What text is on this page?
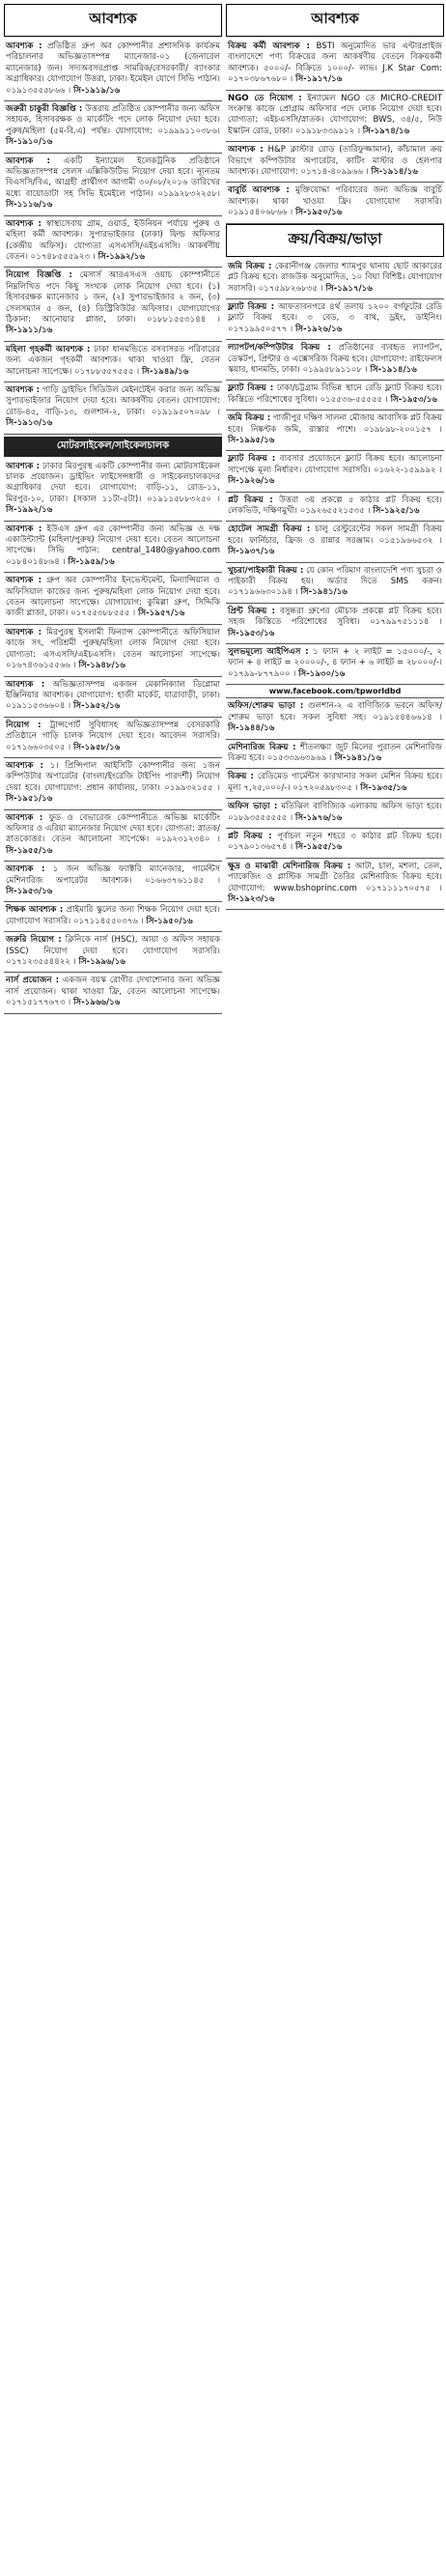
আবশ্যক
আবশ্যক : প্রতিষ্ঠিত গ্রুপ অব কোম্পানীর প্রশাসনিক কার্যক্রম পরিচালনার অভিজ্ঞতাসম্পন্ন ম্যানেজার-০১ (জেনারেল ম্যানেজার) জন। সদ্যঅবসরপ্রাপ্ত সামরিক/বেসরকারী/ ব্যাংকার অগ্রাধিকার। যোগাযোগ উত্তরা, ঢাকা। ইমেইল যোগে সিভি পাঠান। ০১৯১৩৫৫৫৮৬৬ । সি-১৯১৯/১৬
জরুরী চাকুরী বিজ্ঞপ্তি : উত্তরায় প্রতিষ্ঠিত কোম্পানীর জন্য অফিস সহায়ক, হিসাবরক্ষক ও মার্কেটিং পদে লোক নিয়োগ দেয়া হবে। পুরুষ/মহিলা (৫ম-বি.এ) পর্যন্ত। যোগাযোগ: ০১৯৯৯১১০৩৮৬। সি-১৯১০/১৬
আবশ্যক : একটি ইন্যামেল ইলেকট্রনিক প্রতিষ্ঠানে অভিজ্ঞতাসম্পন্ন সেলস এক্সিকিউটিভ নিয়োগ দেয়া হবে। ন্যূনতম বিএসসি/বিএ, আগ্রহী প্রার্থীগণ আগামী ৩০/০৮/২০১৬ তারিখের মধ্যে বায়োডাটা সহ সিভি ইমেইলে পাঠান। ০১৯৯২৮৩২২৫৮। সি-১১১৬/১৬
আবশ্যক : স্বাস্থ্যসেবায় গ্রাম, ওয়ার্ড, ইউনিয়ন পর্যায়ে পুরুষ ও মহিলা কর্মী আবশ্যক। সুপারভাইজার (ঢাকা) ফিল্ড অফিসার (কেন্দ্রীয় অফিস)। যোগ্যতা এসএসসি/এইচএসসি। আকর্ষণীয় বেতন। ০১৭৪৮৫৫৫৯২৩ । সি-১৯৯২/১৬
নিয়োগ বিজ্ঞপ্তি : মেসার্স আরএসএস ওয়াচ কোম্পানীতে নিম্নলিখিত পদে কিছু সংখ্যক লোক নিয়োগ দেয়া হবে। (১) হিসাবরক্ষক ম্যানেজার ১ জন, (২) সুপারভাইজার ২ জন, (৩) সেলসম্যান ৫ জন, (৪) ডিস্ট্রিবিউটর অফিসার। যোগাযোগের ঠিকানা: আনোয়ার প্লাজা, ঢাকা। ০১৮৮১৫৫৩১৪৪ । সি-১৯১১/১৬
মহিলা গৃহকর্মী আবশ্যক : ঢাকা ধানমন্ডিতে বসবাসরত পরিবারের জন্য একজন গৃহকর্মী আবশ্যক। থাকা খাওয়া ফ্রি, বেতন আলোচনা সাপেক্ষে। ০১৭৮৮৫৫৭৫৫৫ । সি-১৯৪৯/১৬
আবশ্যক : গাড়ি ড্রাইভিং সিডিউল মেইনটেইন করার জন্য অভিজ্ঞ সুপারভাইজার নিয়োগ দেয়া হবে। আকর্ষণীয় বেতন। যোগাযোগ: রোড-৪৫, বাড়ি-১৩, গুলশান-২, ঢাকা। ০১৯১৯৫০৭০৯৮ । সি-১৯১৩/১৬
মোটরসাইকেল/সাইকেলচালক
আবশ্যক : ঢাকার মিরপুরস্থ একটি কোম্পানীর জন্য মোটরসাইকেল চালক প্রয়োজন। ড্রাইভিং লাইসেন্সধারী ও সাইকেলচালকদের অগ্রাধিকার দেয়া হবে। যোগাযোগ: বাড়ি-১১, রোড-১১, মিরপুর-১০, ঢাকা। (সকাল ১১টা-৫টা)। ০১৯১১৫৮৮৩২৫০ । সি-১৯৯২/১৬
আবশ্যক : ইউএস গ্রুপ এর কোম্পানীর জন্য অভিজ্ঞ ও দক্ষ একাউন্ট্যান্ট (মহিলা/পুরুষ) নিয়োগ দেয়া হবে। বেতন আলোচনা সাপেক্ষে। সিভি পাঠান: central_1480@yahoo.com ০১৮৪০১৪৮৬৪ । সি-১৯৫৯/১৬
আবশ্যক : গ্রুপ অব কোম্পানীর ইনভেস্টমেন্ট, মিন্যান্সিয়াল ও অফিসিয়াল কাজের জন্য পুরুষ/মহিলা লোক নিয়োগ দেয়া হবে। বেতন আলোচনা সাপেক্ষে। যোগাযোগ: কুমিল্লা গ্রুপ, সিদ্দিকি কাজী প্লাজা, ঢাকা। ০১৭৫৫৩৮৮৫৫৫ । সি-১৯৫৭/১৬
আবশ্যক : মিরপুরস্থ ইসলামী ফিন্যান্স কোম্পানীতে অফিসিয়াল কাজে সৎ, পরিশ্রমী পুরুষ/মহিলা লোক নিয়োগ দেয়া হবে। যোগ্যতা: এসএসসি/এইচএসসি। বেতন আলোচনা সাপেক্ষে। ০১৬৭৪৩৬১৫৫৬৬ । সি-১৯৪৮/১৬
আবশ্যক : অভিজ্ঞতাসম্পন্ন একজন মেকানিক্যাল ডিপ্লোমা ইঞ্জিনিয়ার আবশ্যক। যোগাযোগ: হাজী মার্কেট, যাত্রাবাড়ী, ঢাকা। ০১৯১১৫৩৬৬০৪ । সি-১৯৫২/১৬
নিয়োগ : ট্রান্সপোর্ট সুবিধাসহ অভিজ্ঞতাসম্পন্ন বেসরকারি প্রতিষ্ঠানে গাড়ি চালক নিয়োগ দেয়া হবে। আবেদন সরাসরি। ০১৭১৬৬০৩৫০৫ । সি-১৯৫৮/১৬
আবশ্যক : ১। প্রিন্সিপাল আইসিটি কোম্পানীর জন্য ১জন কম্পিউটার অপারেটর (বাংলা/ইংরেজি টাইপিং পারদর্শী) নিয়োগ দেয়া হবে। যোগাযোগ: প্রধান কার্যালয়, ঢাকা। ০১৯৯৩২১৫৫ । সি-১৯৫১/১৬
আবশ্যক : ফুড ও বেভারেজ কোম্পানীতে অভিজ্ঞ মার্কেটিং অফিসার ও এরিয়া ম্যানেজার নিয়োগ দেয়া হবে। যোগ্যতা: স্নাতক/স্নাতকোত্তর। বেতন আলোচনা সাপেক্ষে। ০১৯২৩১২৩৪০ । সি-১৯৫৫/১৬
আবশ্যক : ১ জন অভিজ্ঞ ফ্যাক্টরি ম্যানেজার, গার্মেন্টস মেশিনারিজ অপারেটর আবশ্যক। ০১৬৬৩৭৬১১৪৫ । সি-১৯৫৩/১৬
শিক্ষক আবশ্যক : প্রাইমারি স্কুলের জন্য শিক্ষক নিয়োগ দেয়া হবে। যোগাযোগ সরাসরি। ০১৭১১৪৫৫০৩৭৬ । সি-১৯৫০/১৬
জরুরি নিয়োগ : ক্লিনিকে নার্স (HSC), আয়া ও অফিস সহায়ক (SSC) নিয়োগ দেয়া হবে। যোগাযোগ সরাসরি। ০১৭১২৩৫৫৪৪২২ । সি-১৯৯৬/১৬
নার্স প্রয়োজন : একজন বয়স্ক রোগীর দেখাশোনার জন্য অভিজ্ঞ নার্স প্রয়োজন। থাকা খাওয়া ফ্রি, বেতন আলোচনা সাপেক্ষে। ০১৭১৫১৭৭৬৭৩ । সি-১৯৬৬/১৬
আবশ্যক
বিক্রয় কর্মী আবশ্যক : BSTI অনুমোদিত ভার এন্টারপ্রাইজ বাংলাদেশে পণ্য বিক্রয়ের জন্য আকর্ষণীয় বেতনে বিক্রয়কর্মী আবশ্যক। ৫০০০/- বিক্রিতে ১০০০/- লাভ। J.K Star Com: ০১৭০৩৮৬৭৬৮০ । সি-১৯১৭/১৬
NGO তে নিয়োগ : ইন্যামেল NGO তে MICRO-CREDIT সংক্রান্ত কাজে প্রোগ্রাম অফিসার পদে লোক নিয়োগ দেয়া হবে। যোগ্যতা: এইচএসসি/স্নাতক। যোগাযোগ: BWS, ৩৪/৫, নিউ ইস্কাটন রোড, ঢাকা। ০১৯১৮৩৩৯৯১২ । সি-১৯৭৪/১৬
আবশ্যক : H&P ক্লাস্টার রোড (তারিফুজ্জামান), কাঁচামাল ক্রয় বিভাগে কম্পিউটার অপারেটর, কাটিং মাস্টার ও হেলপার আবশ্যক। যোগাযোগ: ০১৭১৪-৪০৯৯৬৬ । সি-১৯১৪/১৬
বাবুর্চি আবশ্যক : মুক্তিযোদ্ধা পরিবারের জন্য অভিজ্ঞ বাবুর্চি আবশ্যক। থাকা খাওয়া ফ্রি। যোগাযোগ সরাসরি। ০১৯১৫৪০৬৮৬৬ । সি-১৯৫০/১৬
ক্রয়/বিক্রয়/ভাড়া
জমি বিক্রয় : কেরানীগঞ্জ জেলার শ্যামপুর থানায় ছোট আকারের প্লট বিক্রয় হবে। রাজউক অনুমোদিত, ১০ বিঘা বিশিষ্ট। যোগাযোগ সরাসরি। ০১৭৫৯৮২৬৮৩৫ । সি-১৯১৭/১৬
ফ্ল্যাট বিক্রয় : আফতাবনগরে ৪র্থ তলায় ১২০০ বর্গফুটের রেডি ফ্ল্যাট বিক্রয় হবে। ৩ বেড, ৩ বাথ, ড্রইং, ডাইনিং। ০১৭১৯৯৫০৫৭৭ । সি-১৯২৬/১৬
ল্যাপটপ/কম্পিউটার বিক্রয় : প্রতিষ্ঠানের ব্যবহৃত ল্যাপটপ, ডেস্কটপ, প্রিন্টার ও এক্সেসরিজ বিক্রয় হবে। যোগাযোগ: রাইফেলস স্কয়ার, ধানমন্ডি, ঢাকা। ০১৯৯৫৮৯১১০৮ । সি-১৯১৪/১৬
ফ্ল্যাট বিক্রয় : ঢাকা/চট্টগ্রাম বিভিন্ন স্থানে রেডি ফ্ল্যাট বিক্রয় হবে। কিস্তিতে পরিশোধের সুবিধা। ০১৫৫৩৬-৫৫৫৫৫ । সি-১৯৫৩/১৬
জমি বিক্রয় : গাজীপুর দক্ষিণ সালনা মৌজায় আবাসিক প্লট বিক্রয় হবে। নিষ্কণ্টক জমি, রাস্তার পাশে। ০১৯৮৯৮-২০০১৫৭ । সি-১৯৯৫/১৬
ফ্ল্যাট বিক্রয় : ব্যবসার প্রয়োজনে ফ্ল্যাট বিক্রয় হবে। আলোচনা সাপেক্ষে মূল্য নির্ধারণ। যোগাযোগ সরাসরি। ০১৬২২-১৫৯৯৯২ । সি-১৯২৬/১৬
প্লট বিক্রয় : উত্তরা ৩য় প্রকল্পে ৫ কাঠার প্লট বিক্রয় হবে। লেকভিউ, দক্ষিণমুখী। ০১৯২৬৫৫২১৫৩৫ । সি-১৯২৫/১৬
হোটেল সামগ্রী বিক্রয় : চালু রেস্টুরেন্টের সকল সামগ্রী বিক্রয় হবে। ফার্নিচার, ফ্রিজ ও রান্নার সরঞ্জাম। ০১৫১৯৬৬৫৩২ । সি-১৯৩৭/১৬
খুচরা/পাইকারী বিক্রয় : যে কোন পরিমাণ বাংলাদেশি পণ্য খুচরা ও পাইকারী বিক্রয় হয়। অর্ডার দিতে SMS করুন। ০১৭১৯৬৬৩০১৯৪ । সি-১৯৪১/১৬
প্রিন্ট বিক্রয় : বসুন্ধরা গ্রুপের মৌচাক প্রকল্পে প্লট বিক্রয় হবে। সহজ কিস্তিতে পরিশোধের সুবিধা। ০১৭৯৯৭৫১১১৪ । সি-১৯৫৩/১৬
সুলভমূল্যে আইপিএস : ১ ফ্যান + ২ লাইট = ১৫০০০/-, ২ ফ্যান + ৪ লাইট = ২০০০০/-, ৪ ফ্যান + ৬ লাইট = ২৮০০০/-। ০১৭৯৯-৮৭৭৯০০ । সি-১৯৩০/১৬
www.facebook.com/tpworldbd
অফিস/শোরুম ভাড়া : গুলশান-২ এ বাণিজ্যিক ভবনে অফিস/শোরুম ভাড়া হবে। সকল সুবিধা সহ। ০১৯১৫৪৪৬৬১৪ । সি-১৯৪৪/১৬
মেশিনারিজ বিক্রয় : শীতলক্ষ্যা জুট মিলের পুরাতন মেশিনারিজ বিক্রয় হবে। ০১৫৩৩৯৬৩৯৬৯ । সি-১৯৪১/১৬
বিক্রয় : রেডিমেড গার্মেন্টস কারখানার সকল মেশিন বিক্রয় হবে। মূল্য ৭,২৫,০০০/-। ০১৭২০৫৯৮৩০৫ । সি-১৯৩৫/১৬
অফিস ভাড়া : মতিঝিল বাণিজ্যিক এলাকায় অফিস ভাড়া হবে। ০১৮৯৩৫৫৫৫৫৫ । সি-১৯৭৬/১৬
প্লট বিক্রয় : পূর্বাচল নতুন শহরে ৩ কাঠার প্লট বিক্রয় হবে। ০১৭৯০১৩৬৫৭৪ । সি-১৯৫৫/১৬
ক্ষুদ্র ও মাঝারী মেশিনারিজ বিক্রয় : আটা, চাল, মশলা, তেল, প্যাকেজিং ও প্লাস্টিক সামগ্রী তৈরির মেশিনারিজ বিক্রয় হবে। যোগাযোগ: www.bshoprinc.com ০১৭১১১১৭০৫৭৫ । সি-১৯২৩/১৬
